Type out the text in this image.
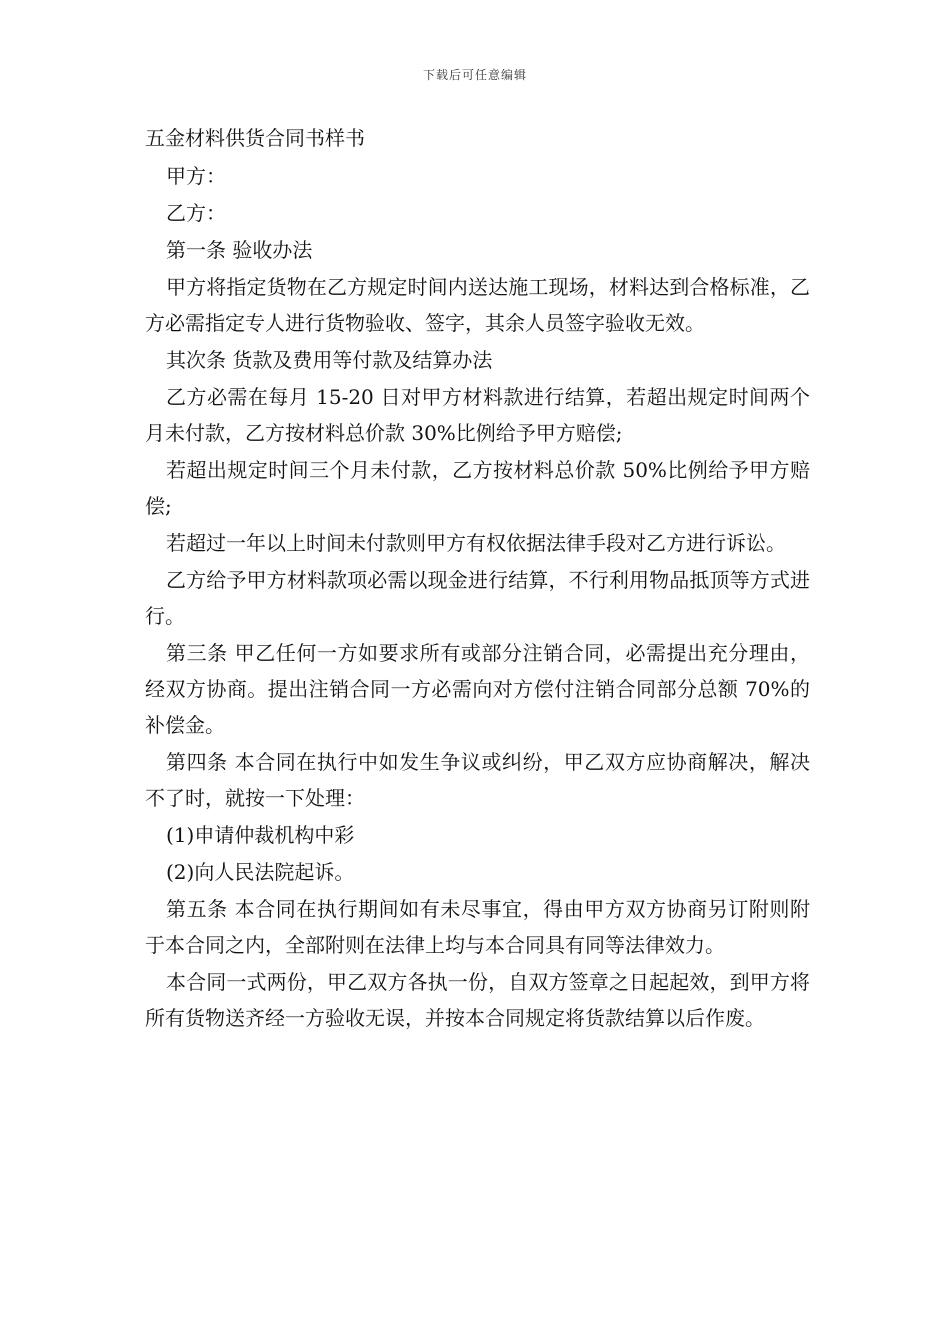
下载后可任意编辑
五金材料供货合同书样书
甲方：
乙方：
第一条 验收办法
甲方将指定货物在乙方规定时间内送达施工现场，材料达到合格标准，乙方必需指定专人进行货物验收、签字，其余人员签字验收无效。
其次条 货款及费用等付款及结算办法
乙方必需在每月 15-20 日对甲方材料款进行结算，若超出规定时间两个月未付款，乙方按材料总价款 30%比例给予甲方赔偿;
若超出规定时间三个月未付款，乙方按材料总价款 50%比例给予甲方赔偿;
若超过一年以上时间未付款则甲方有权依据法律手段对乙方进行诉讼。
乙方给予甲方材料款项必需以现金进行结算，不行利用物品抵顶等方式进行。
第三条 甲乙任何一方如要求所有或部分注销合同，必需提出充分理由，经双方协商。提出注销合同一方必需向对方偿付注销合同部分总额 70%的补偿金。
第四条 本合同在执行中如发生争议或纠纷，甲乙双方应协商解决，解决不了时，就按一下处理：
(1)申请仲裁机构中彩
(2)向人民法院起诉。
第五条 本合同在执行期间如有未尽事宜，得由甲方双方协商另订附则附于本合同之内，全部附则在法律上均与本合同具有同等法律效力。
本合同一式两份，甲乙双方各执一份，自双方签章之日起起效，到甲方将所有货物送齐经一方验收无误，并按本合同规定将货款结算以后作废。
